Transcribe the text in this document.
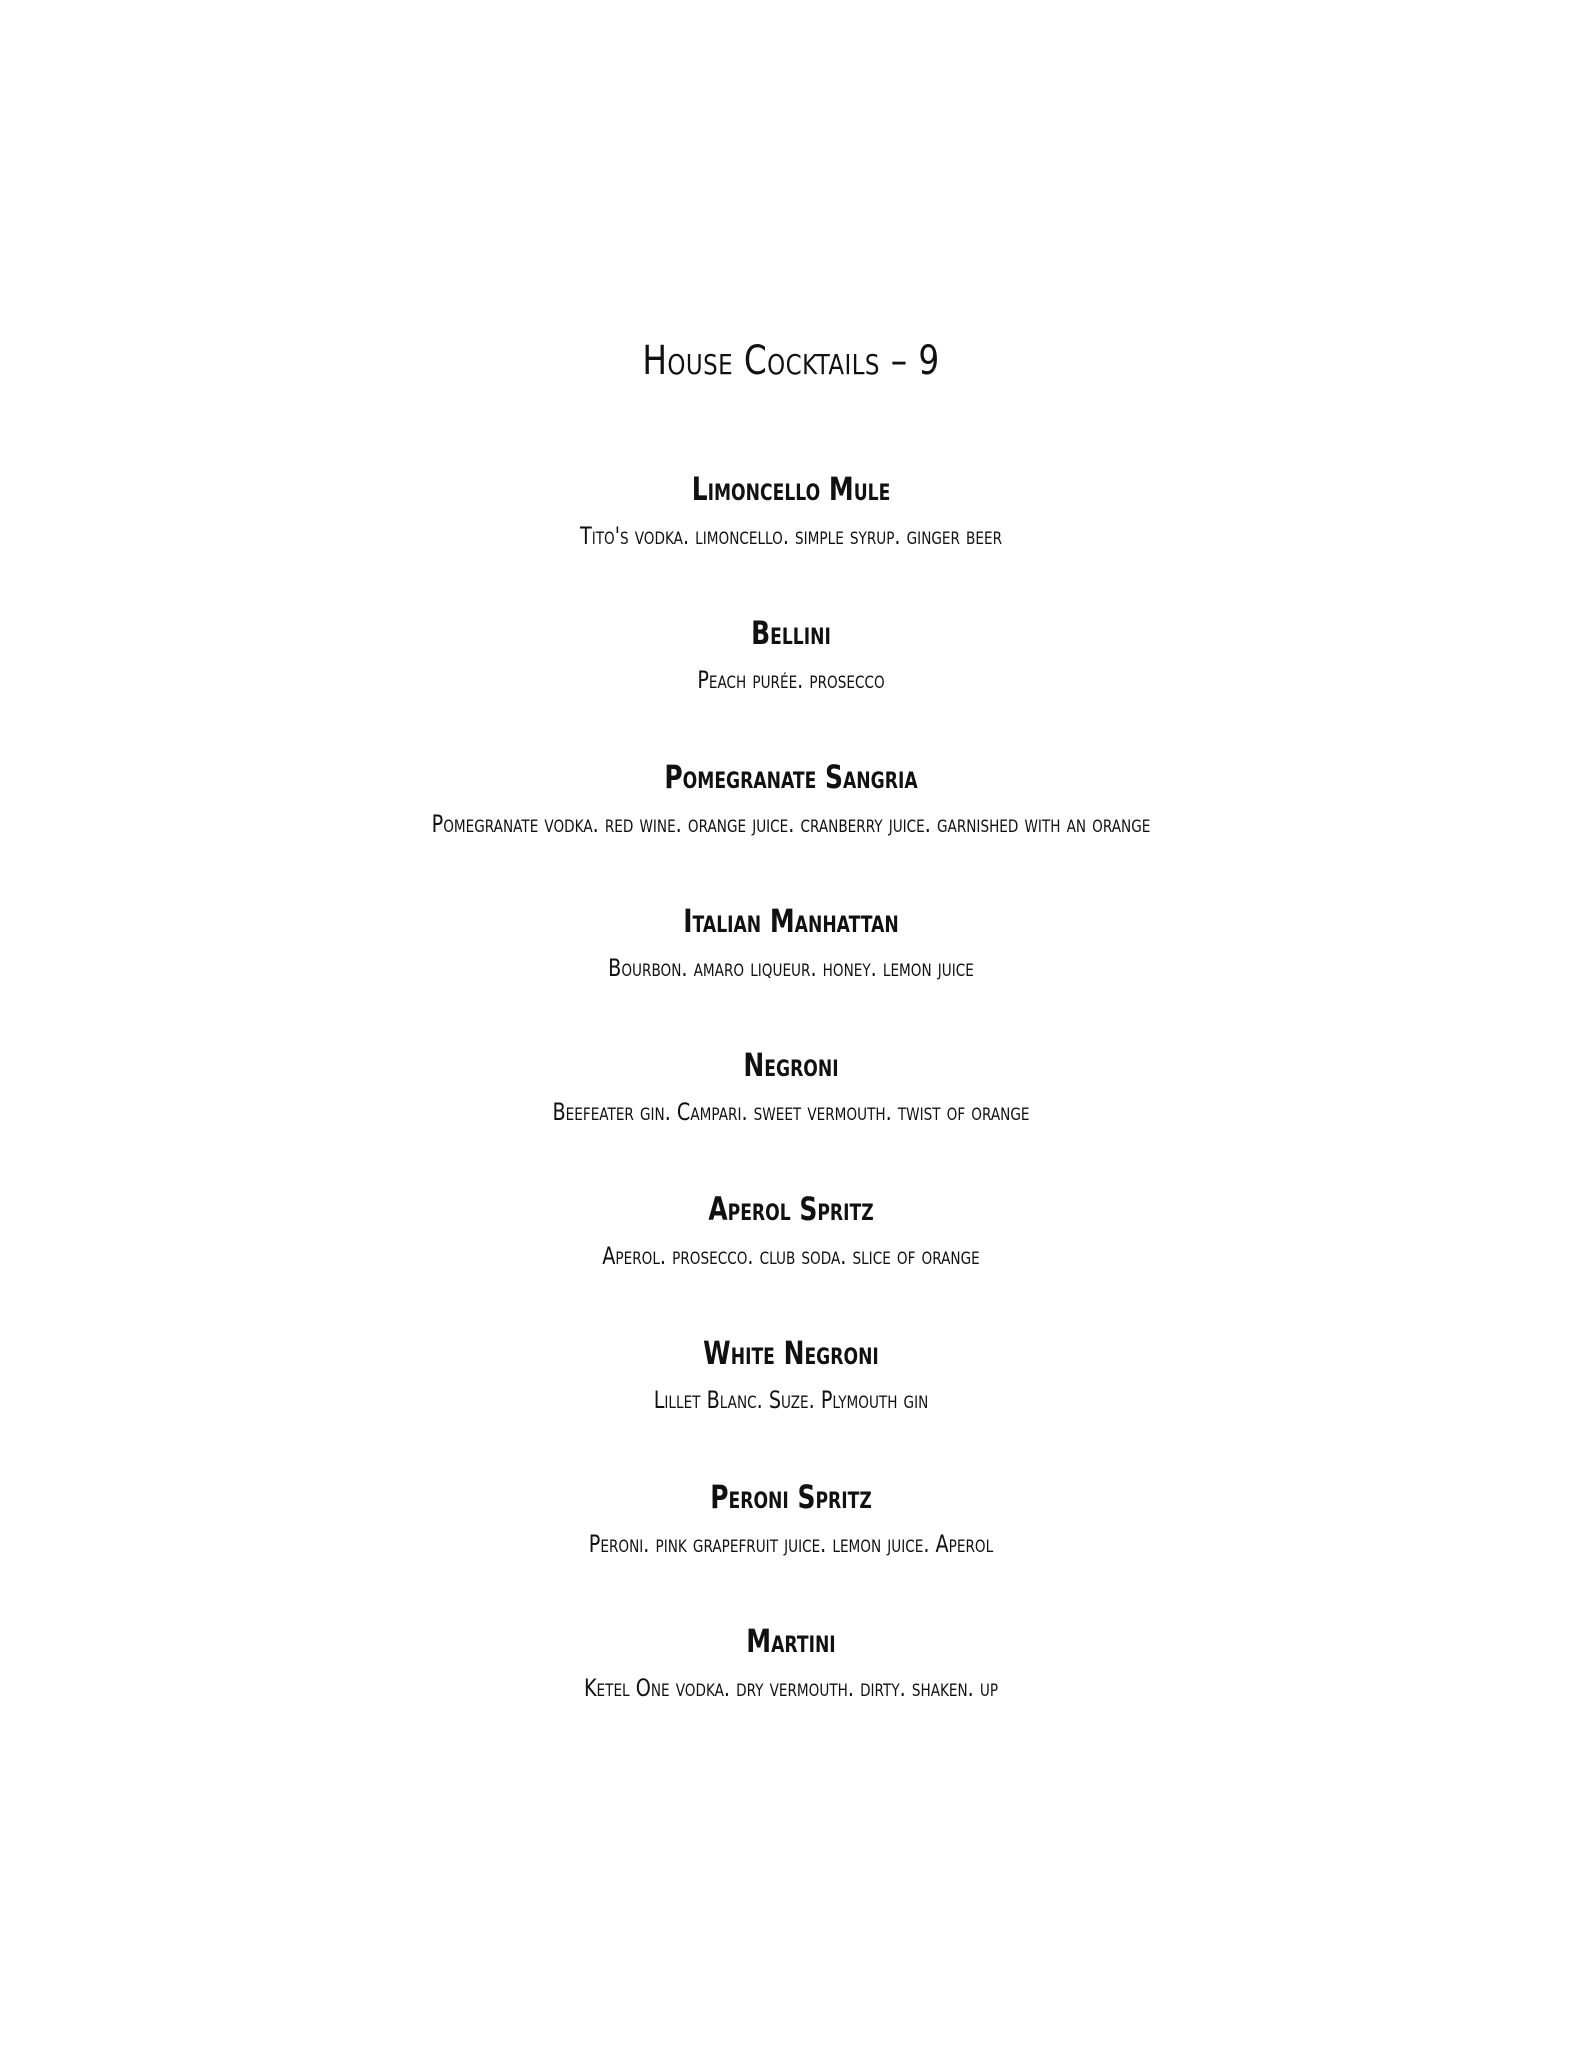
House Cocktails – 9
Limoncello Mule
Tito's vodka. limoncello. simple syrup. ginger beer
Bellini
Peach purée. prosecco
Pomegranate Sangria
Pomegranate vodka. red wine. orange juice. cranberry juice. garnished with an orange
Italian Manhattan
Bourbon. amaro liqueur. honey. lemon juice
Negroni
Beefeater gin. Campari. sweet vermouth. twist of orange
Aperol Spritz
Aperol. prosecco. club soda. slice of orange
White Negroni
Lillet Blanc. Suze. Plymouth gin
Peroni Spritz
Peroni. pink grapefruit juice. lemon juice. Aperol
Martini
Ketel One vodka. dry vermouth. dirty. shaken. up
